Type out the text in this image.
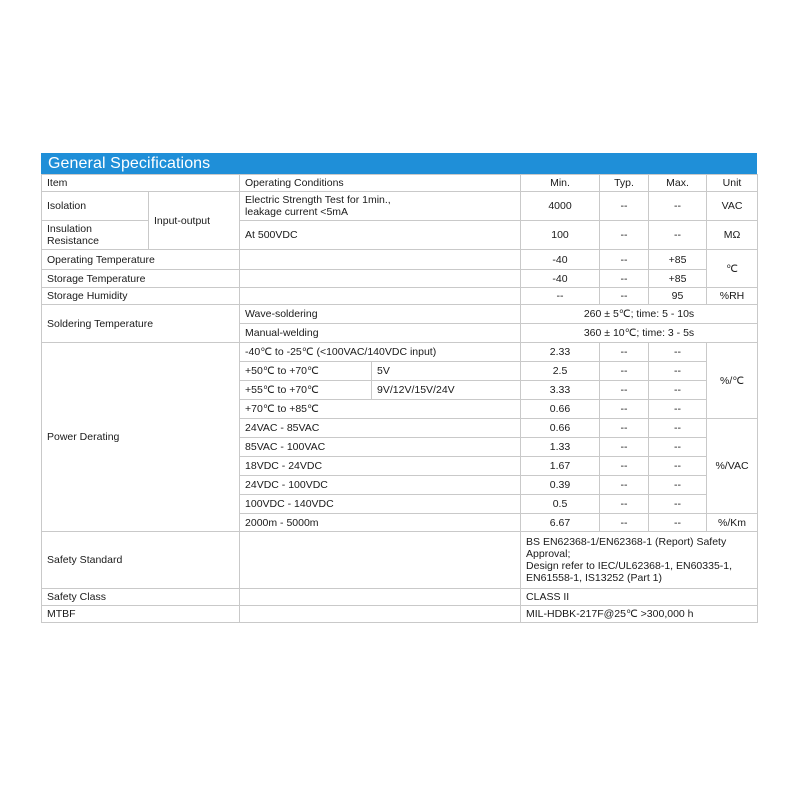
General Specifications
Item		Operating Conditions		Min.	Typ.	Max.	Unit
Isolation	Input-output	Electric Strength Test for 1min.,
leakage current <5mA		4000	--	--	VAC

Insulation
Resistance		At 500VDC		100	--	--	MΩ
Operating Temperature				-40	--	+85	℃
Storage Temperature				-40	--	+85	
Storage Humidity				--	--	95	%RH
Soldering Temperature		Wave-soldering		260 ± 5℃; time: 5 - 10s			
		Manual-welding		360 ± 10℃; time: 3 - 5s			
Power Derating		-40℃ to -25℃ (<100VAC/140VDC input)		2.33	--	--	%/℃
		+50℃ to +70℃	5V	2.5	--	--	
		+55℃ to +70℃	9V/12V/15V/24V	3.33	--	--	
		+70℃ to +85℃		0.66	--	--	
		24VAC - 85VAC		0.66	--	--	%/VAC
		85VAC - 100VAC		1.33	--	--	
		18VDC - 24VDC		1.67	--	--	
		24VDC - 100VDC		0.39	--	--	
		100VDC - 140VDC		0.5	--	--	
		2000m - 5000m		6.67	--	--	%/Km
Safety Standard				BS EN62368-1/EN62368-1 (Report) Safety
Approval;
Design refer to IEC/UL62368-1, EN60335-1,
EN61558-1, IS13252 (Part 1)			

Safety Class				CLASS II			
MTBF				MIL-HDBK-217F@25℃ >300,000 h			
